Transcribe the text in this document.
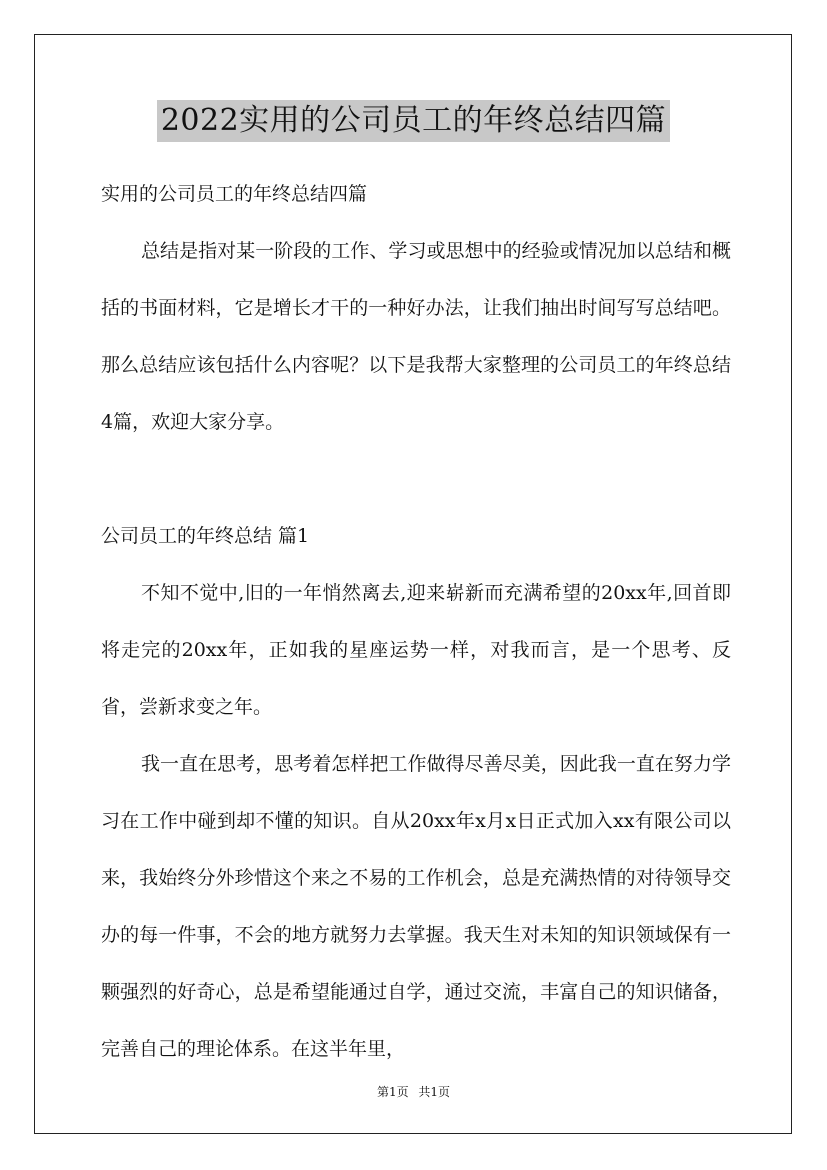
2022实用的公司员工的年终总结四篇

实用的公司员工的年终总结四篇

总结是指对某一阶段的工作、学习或思想中的经验或情况加以总结和概括的书面材料，它是增长才干的一种好办法，让我们抽出时间写写总结吧。那么总结应该包括什么内容呢？以下是我帮大家整理的公司员工的年终总结4篇，欢迎大家分享。

公司员工的年终总结 篇1

不知不觉中,旧的一年悄然离去,迎来崭新而充满希望的20xx年,回首即将走完的20xx年，正如我的星座运势一样，对我而言，是一个思考、反省，尝新求变之年。

我一直在思考，思考着怎样把工作做得尽善尽美，因此我一直在努力学习在工作中碰到却不懂的知识。自从20xx年x月x日正式加入xx有限公司以来，我始终分外珍惜这个来之不易的工作机会，总是充满热情的对待领导交办的每一件事，不会的地方就努力去掌握。我天生对未知的知识领域保有一颗强烈的好奇心，总是希望能通过自学，通过交流，丰富自己的知识储备，完善自己的理论体系。在这半年里，

第1页 共1页
